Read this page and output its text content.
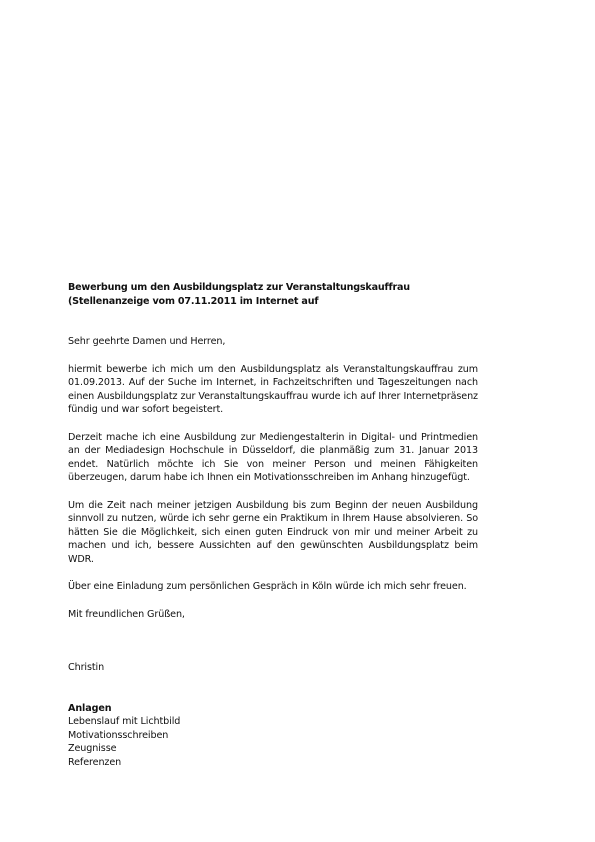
Bewerbung um den Ausbildungsplatz zur Veranstaltungskauffrau
(Stellenanzeige vom 07.11.2011 im Internet auf
Sehr geehrte Damen und Herren,
hiermit bewerbe ich mich um den Ausbildungsplatz als Veranstaltungskauffrau zum 01.09.2013. Auf der Suche im Internet, in Fachzeitschriften und Tageszeitungen nach einen Ausbildungsplatz zur Veranstaltungskauffrau wurde ich auf Ihrer Internetpräsenz fündig und war sofort begeistert.
Derzeit mache ich eine Ausbildung zur Mediengestalterin in Digital- und Printmedien an der Mediadesign Hochschule in Düsseldorf, die planmäßig zum 31. Januar 2013 endet. Natürlich möchte ich Sie von meiner Person und meinen Fähigkeiten überzeugen, darum habe ich Ihnen ein Motivationsschreiben im Anhang hinzugefügt.
Um die Zeit nach meiner jetzigen Ausbildung bis zum Beginn der neuen Ausbildung sinnvoll zu nutzen, würde ich sehr gerne ein Praktikum in Ihrem Hause absolvieren. So hätten Sie die Möglichkeit, sich einen guten Eindruck von mir und meiner Arbeit zu machen und ich, bessere Aussichten auf den gewünschten Ausbildungsplatz beim WDR.
Über eine Einladung zum persönlichen Gespräch in Köln würde ich mich sehr freuen.
Mit freundlichen Grüßen,
Christin
Anlagen
Lebenslauf mit Lichtbild
Motivationsschreiben
Zeugnisse
Referenzen
